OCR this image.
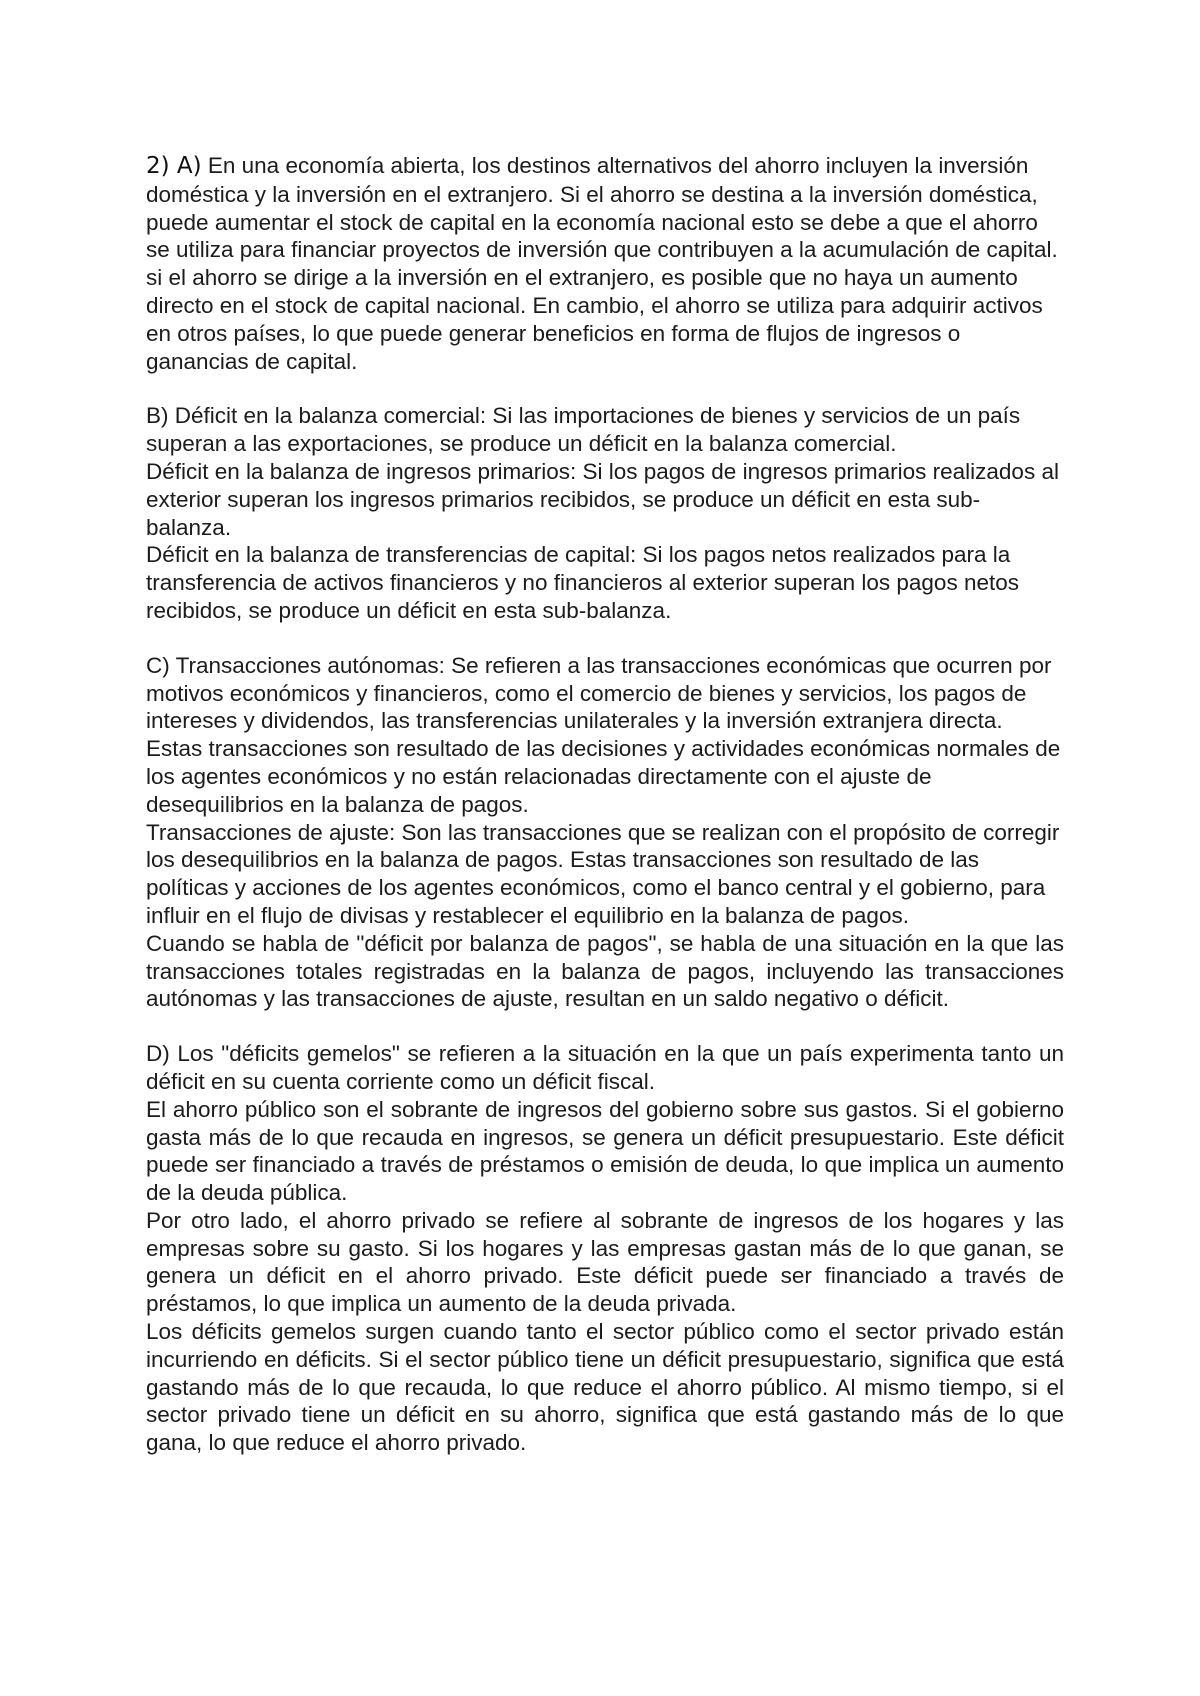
2) A) En una economía abierta, los destinos alternativos del ahorro incluyen la inversión doméstica y la inversión en el extranjero. Si el ahorro se destina a la inversión doméstica, puede aumentar el stock de capital en la economía nacional esto se debe a que el ahorro se utiliza para financiar proyectos de inversión que contribuyen a la acumulación de capital. si el ahorro se dirige a la inversión en el extranjero, es posible que no haya un aumento directo en el stock de capital nacional. En cambio, el ahorro se utiliza para adquirir activos en otros países, lo que puede generar beneficios en forma de flujos de ingresos o ganancias de capital.

B) Déficit en la balanza comercial: Si las importaciones de bienes y servicios de un país superan a las exportaciones, se produce un déficit en la balanza comercial.

Déficit en la balanza de ingresos primarios: Si los pagos de ingresos primarios realizados al exterior superan los ingresos primarios recibidos, se produce un déficit en esta sub-balanza.

Déficit en la balanza de transferencias de capital: Si los pagos netos realizados para la transferencia de activos financieros y no financieros al exterior superan los pagos netos recibidos, se produce un déficit en esta sub-balanza.

C) Transacciones autónomas: Se refieren a las transacciones económicas que ocurren por motivos económicos y financieros, como el comercio de bienes y servicios, los pagos de intereses y dividendos, las transferencias unilaterales y la inversión extranjera directa. Estas transacciones son resultado de las decisiones y actividades económicas normales de los agentes económicos y no están relacionadas directamente con el ajuste de desequilibrios en la balanza de pagos.

Transacciones de ajuste: Son las transacciones que se realizan con el propósito de corregir los desequilibrios en la balanza de pagos. Estas transacciones son resultado de las políticas y acciones de los agentes económicos, como el banco central y el gobierno, para influir en el flujo de divisas y restablecer el equilibrio en la balanza de pagos.

Cuando se habla de "déficit por balanza de pagos", se habla de una situación en la que las transacciones totales registradas en la balanza de pagos, incluyendo las transacciones autónomas y las transacciones de ajuste, resultan en un saldo negativo o déficit.

D) Los "déficits gemelos" se refieren a la situación en la que un país experimenta tanto un déficit en su cuenta corriente como un déficit fiscal.

El ahorro público son el sobrante de ingresos del gobierno sobre sus gastos. Si el gobierno gasta más de lo que recauda en ingresos, se genera un déficit presupuestario. Este déficit puede ser financiado a través de préstamos o emisión de deuda, lo que implica un aumento de la deuda pública.

Por otro lado, el ahorro privado se refiere al sobrante de ingresos de los hogares y las empresas sobre su gasto. Si los hogares y las empresas gastan más de lo que ganan, se genera un déficit en el ahorro privado. Este déficit puede ser financiado a través de préstamos, lo que implica un aumento de la deuda privada.

Los déficits gemelos surgen cuando tanto el sector público como el sector privado están incurriendo en déficits. Si el sector público tiene un déficit presupuestario, significa que está gastando más de lo que recauda, lo que reduce el ahorro público. Al mismo tiempo, si el sector privado tiene un déficit en su ahorro, significa que está gastando más de lo que gana, lo que reduce el ahorro privado.
